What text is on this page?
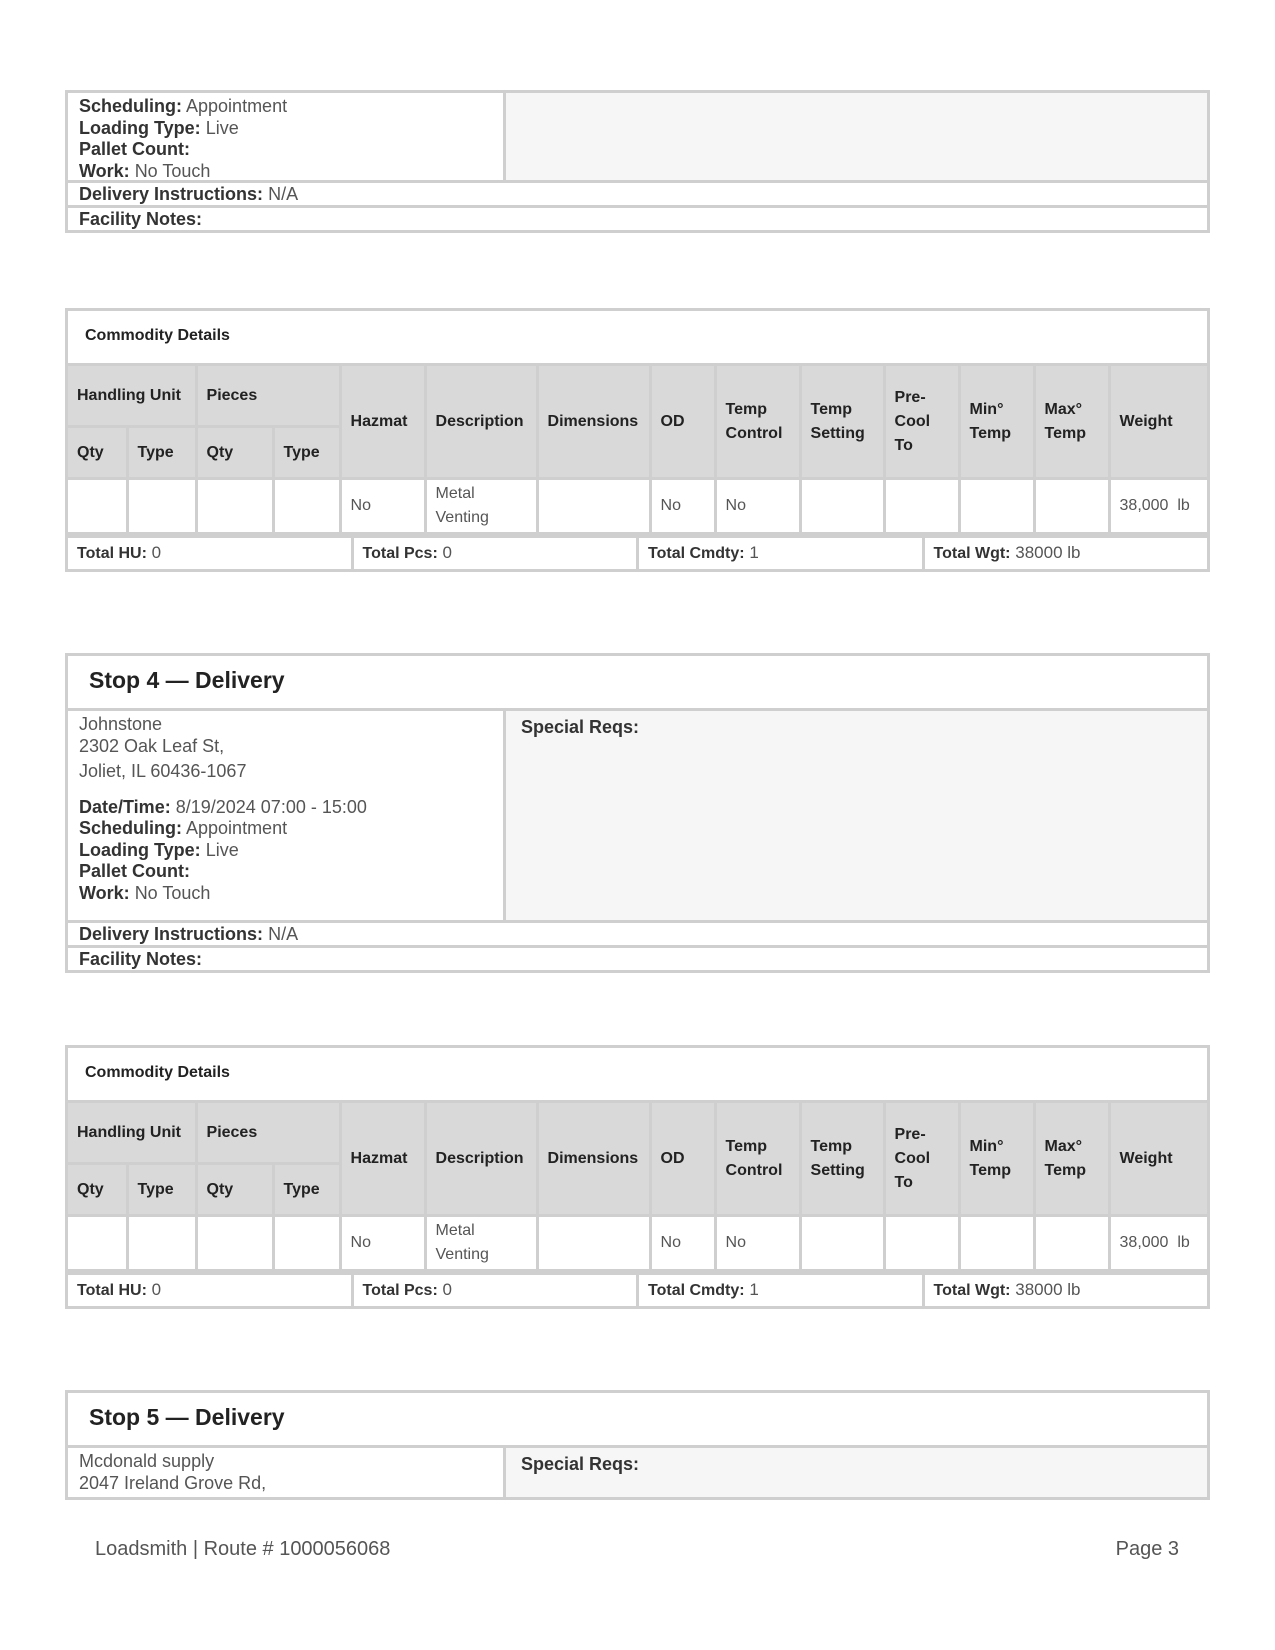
Scheduling: Appointment
Loading Type: Live
Pallet Count:
Work: No Touch
Delivery Instructions: N/A
Facility Notes:
Commodity Details
Handling Unit		Pieces		Hazmat	Description	Dimensions	OD	Temp Control	Temp Setting	Pre-Cool To	Min° Temp	Max° Temp	Weight
Qty	Type	Qty	Type										
				No	Metal Venting		No	No					38,000  lb
Total HU: 0	Total Pcs: 0	Total Cmdty: 1	Total Wgt: 38000 lb
Stop 4 — Delivery
Johnstone
2302 Oak Leaf St,
Joliet, IL 60436-1067
Date/Time: 8/19/2024 07:00 - 15:00
Scheduling: Appointment
Loading Type: Live
Pallet Count:
Work: No Touch
Special Reqs:
Delivery Instructions: N/A
Facility Notes:
Commodity Details
Handling Unit		Pieces		Hazmat	Description	Dimensions	OD	Temp Control	Temp Setting	Pre-Cool To	Min° Temp	Max° Temp	Weight
Qty	Type	Qty	Type										
				No	Metal Venting		No	No					38,000  lb
Total HU: 0	Total Pcs: 0	Total Cmdty: 1	Total Wgt: 38000 lb
Stop 5 — Delivery
Mcdonald supply
2047 Ireland Grove Rd,
Special Reqs:
Loadsmith | Route # 1000056068	Page 3
